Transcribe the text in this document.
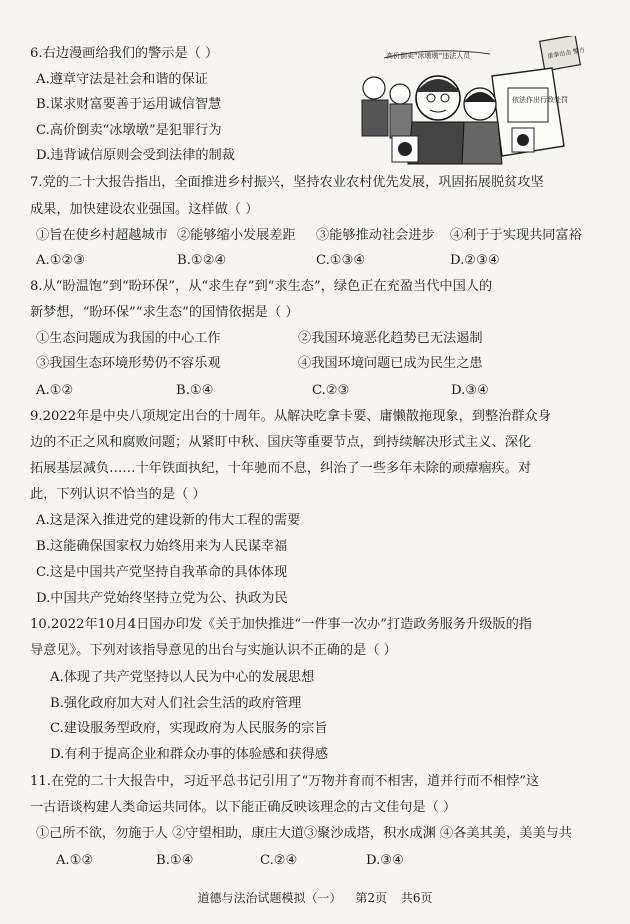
6.右边漫画给我们的警示是（ ）
A.遵章守法是社会和谐的保证
B.谋求财富要善于运用诚信智慧
C.高价倒卖“冰墩墩”是犯罪行为
D.违背诚信原则会受到法律的制裁
高价倒卖“冰墩墩”违法人员	重拳出击 警方
依法作出行政处罚
7.党的二十大报告指出，全面推进乡村振兴，坚持农业农村优先发展，巩固拓展脱贫攻坚
成果，加快建设农业强国。这样做（ ）
①旨在使乡村超越城市 ②能够缩小发展差距 ③能够推动社会进步 ④利于于实现共同富裕
A.①②③	B.①②④	C.①③④	D.②③④
8.从“盼温饱”到“盼环保”，从“求生存”到“求生态”，绿色正在充盈当代中国人的
新梦想，“盼环保”“求生态”的国情依据是（ ）
①生态问题成为我国的中心工作	②我国环境恶化趋势已无法遏制
③我国生态环境形势仍不容乐观	④我国环境问题已成为民生之患
A.①②	B.①④	C.②③	D.③④
9.2022年是中央八项规定出台的十周年。从解决吃拿卡要、庸懒散拖现象，到整治群众身
边的不正之风和腐败问题；从紧盯中秋、国庆等重要节点，到持续解决形式主义、深化
拓展基层减负……十年铁面执纪，十年驰而不息，纠治了一些多年未除的顽瘴痼疾。对
此，下列认识不恰当的是（ ）
A.这是深入推进党的建设新的伟大工程的需要
B.这能确保国家权力始终用来为人民谋幸福
C.这是中国共产党坚持自我革命的具体体现
D.中国共产党始终坚持立党为公、执政为民
10.2022年10月4日国办印发《关于加快推进“一件事一次办”打造政务服务升级版的指
导意见》。下列对该指导意见的出台与实施认识不正确的是（ ）
A.体现了共产党坚持以人民为中心的发展思想
B.强化政府加大对人们社会生活的政府管理
C.建设服务型政府，实现政府为人民服务的宗旨
D.有利于提高企业和群众办事的体验感和获得感
11.在党的二十大报告中，习近平总书记引用了“万物并育而不相害，道并行而不相悖”这
一古语谈构建人类命运共同体。以下能正确反映该理念的古文佳句是（ ）
①己所不欲，勿施于人 ②守望相助，康庄大道③聚沙成塔，积水成渊 ④各美其美，美美与共
A.①②	B.①④	C.②④	D.③④
道德与法治试题模拟（一） 第2页 共6页
